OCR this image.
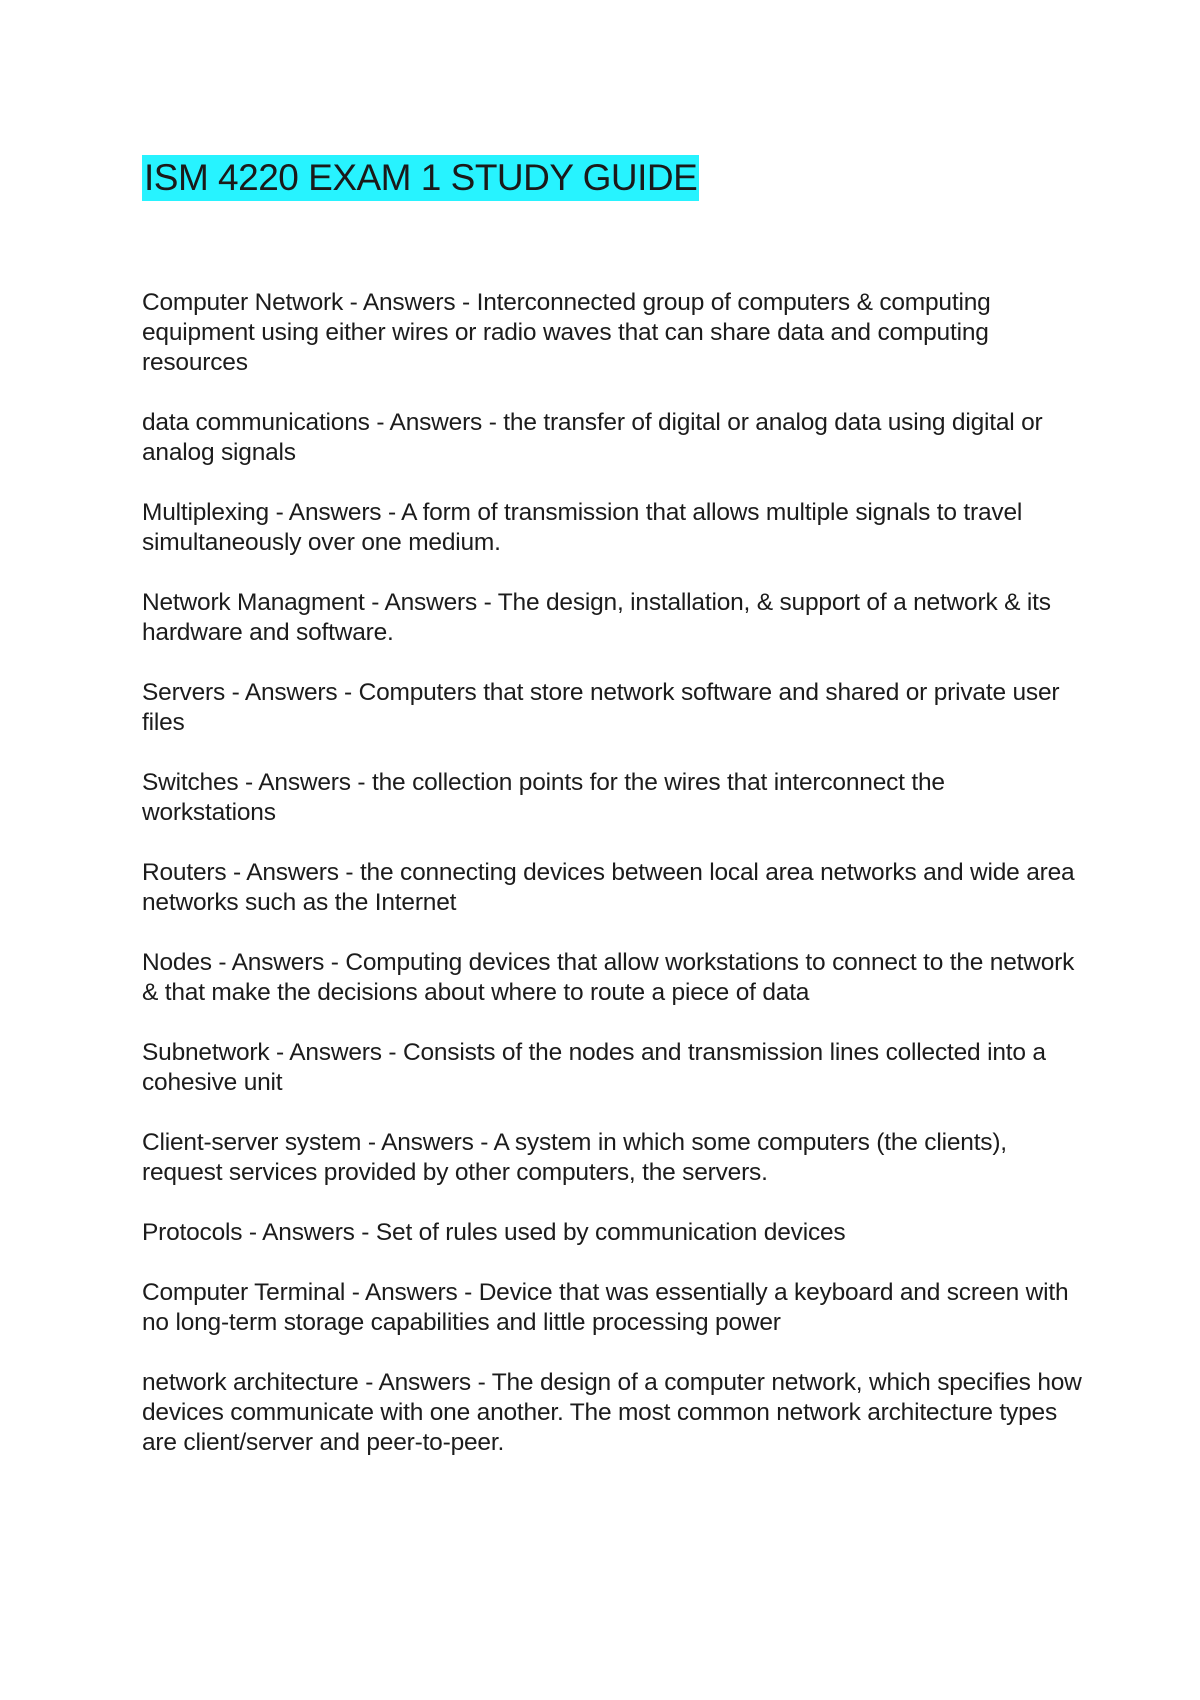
ISM 4220 EXAM 1 STUDY GUIDE

Computer Network - Answers - Interconnected group of computers & computing equipment using either wires or radio waves that can share data and computing resources

data communications - Answers - the transfer of digital or analog data using digital or analog signals

Multiplexing - Answers - A form of transmission that allows multiple signals to travel simultaneously over one medium.

Network Managment - Answers - The design, installation, & support of a network & its hardware and software.

Servers - Answers - Computers that store network software and shared or private user files

Switches - Answers - the collection points for the wires that interconnect the workstations

Routers - Answers - the connecting devices between local area networks and wide area networks such as the Internet

Nodes - Answers - Computing devices that allow workstations to connect to the network & that make the decisions about where to route a piece of data

Subnetwork - Answers - Consists of the nodes and transmission lines collected into a cohesive unit

Client-server system - Answers - A system in which some computers (the clients), request services provided by other computers, the servers.

Protocols - Answers - Set of rules used by communication devices

Computer Terminal - Answers - Device that was essentially a keyboard and screen with no long-term storage capabilities and little processing power

network architecture - Answers - The design of a computer network, which specifies how devices communicate with one another. The most common network architecture types are client/server and peer-to-peer.
